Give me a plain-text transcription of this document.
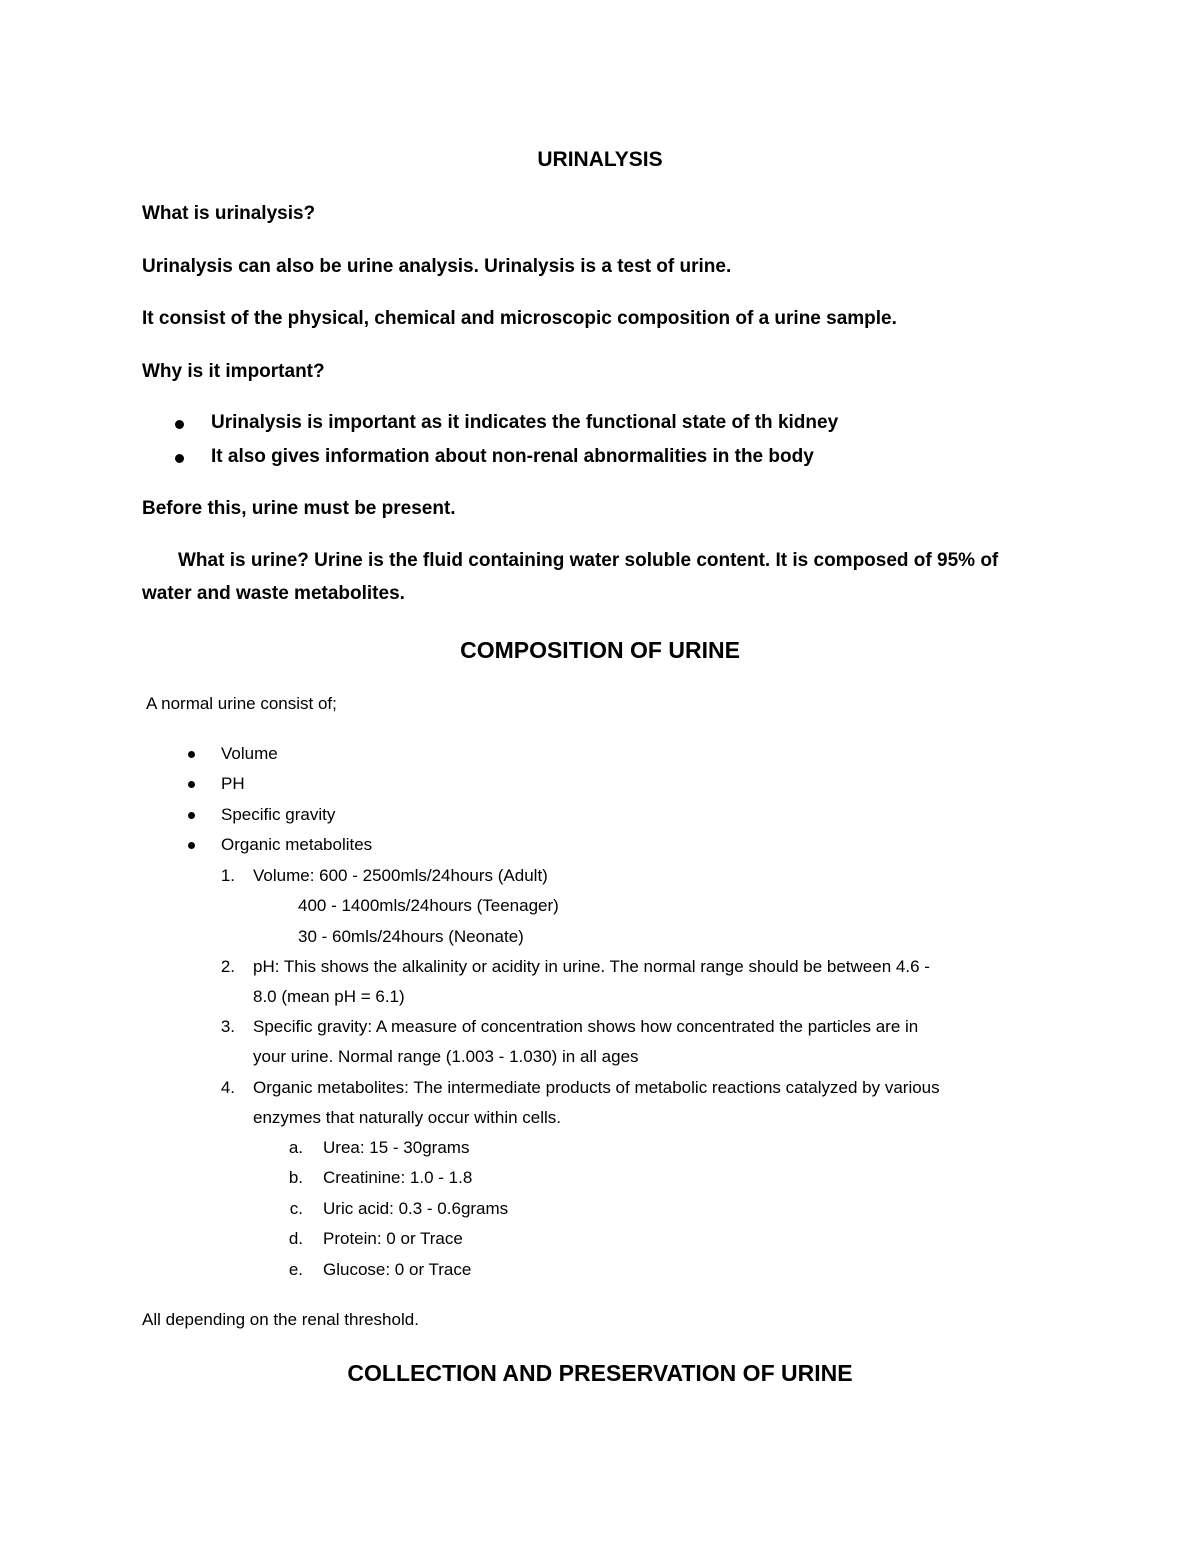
URINALYSIS
What is urinalysis?
Urinalysis can also be urine analysis. Urinalysis is a test of urine.
It consist of the physical, chemical and microscopic composition of a urine sample.
Why is it important?
Urinalysis is important as it indicates the functional state of th kidney
It also gives information about non-renal abnormalities in the body
Before this, urine must be present.
What is urine? Urine is the fluid containing water soluble content. It is composed of 95% of
water and waste metabolites.
COMPOSITION OF URINE
A normal urine consist of;
Volume
PH
Specific gravity
Organic metabolites
1. Volume: 600 - 2500mls/24hours (Adult)
400 - 1400mls/24hours (Teenager)
30 - 60mls/24hours (Neonate)
2. pH: This shows the alkalinity or acidity in urine. The normal range should be between 4.6 -
8.0 (mean pH = 6.1)
3. Specific gravity: A measure of concentration shows how concentrated the particles are in
your urine. Normal range (1.003 - 1.030) in all ages
4. Organic metabolites: The intermediate products of metabolic reactions catalyzed by various
enzymes that naturally occur within cells.
a. Urea: 15 - 30grams
b. Creatinine: 1.0 - 1.8
c. Uric acid: 0.3 - 0.6grams
d. Protein: 0 or Trace
e. Glucose: 0 or Trace
All depending on the renal threshold.
COLLECTION AND PRESERVATION OF URINE
